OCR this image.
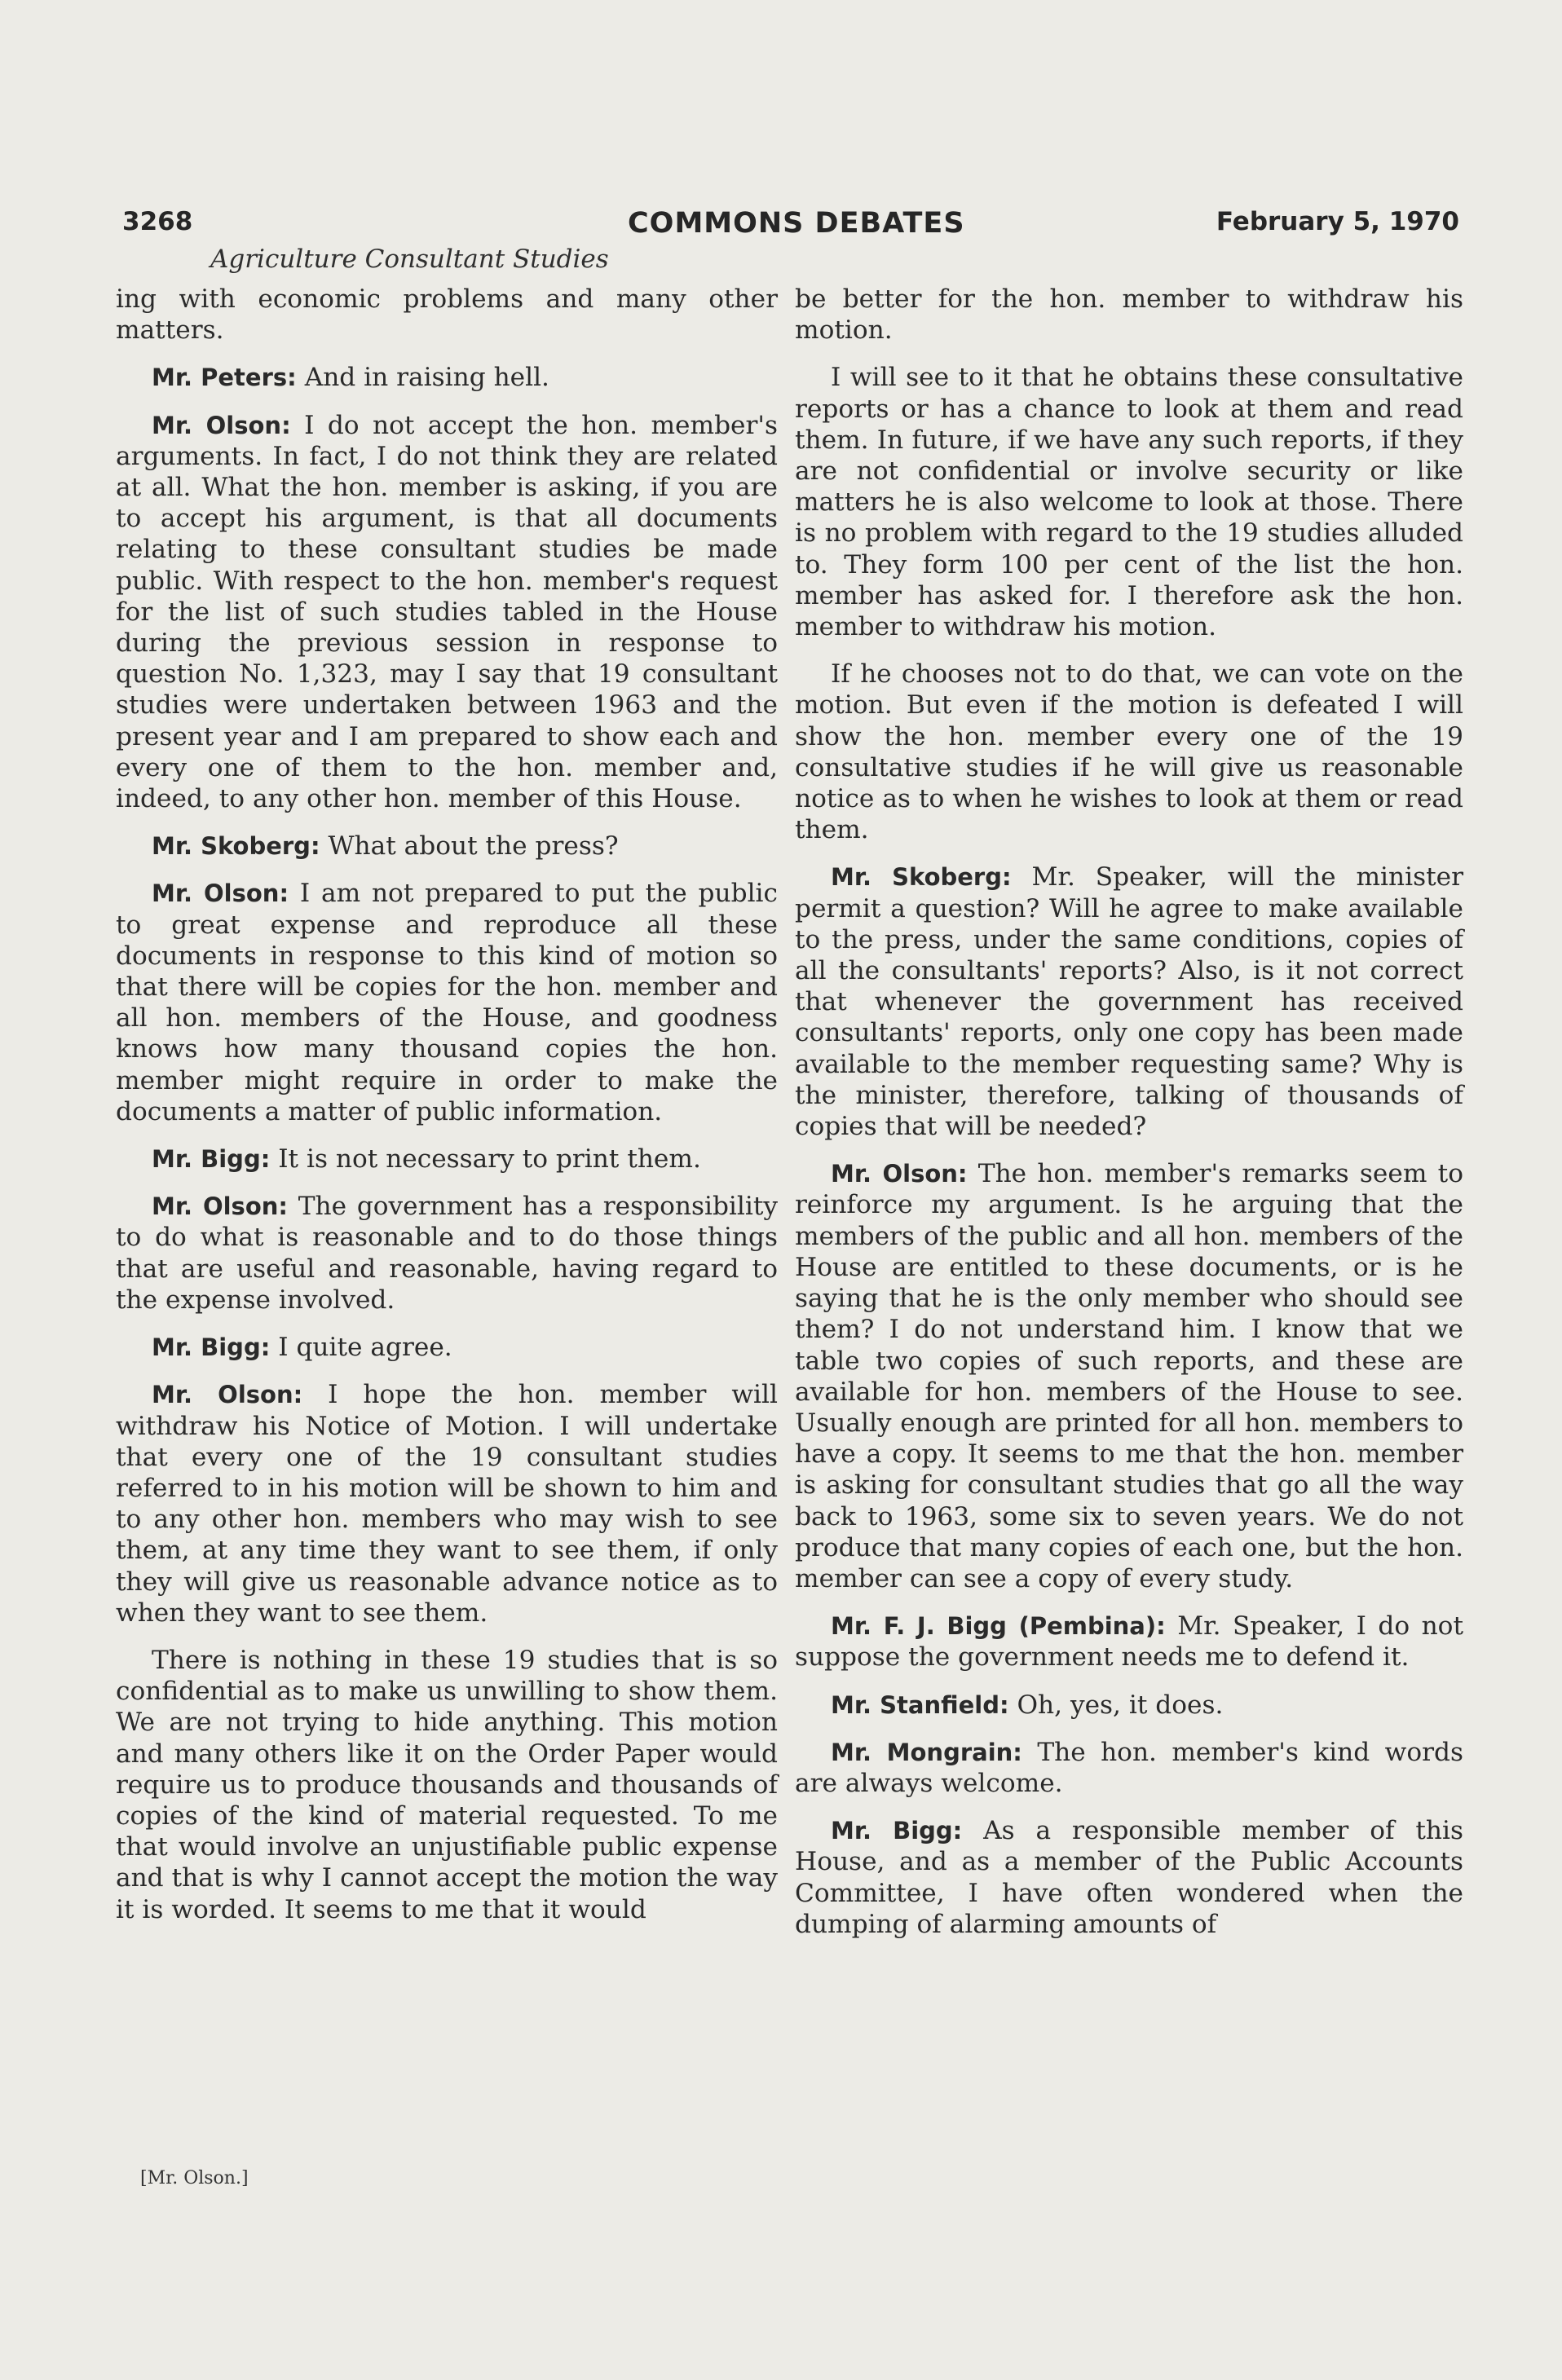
3268	COMMONS DEBATES	February 5, 1970
Agriculture Consultant Studies

ing with economic problems and many other matters.

Mr. Peters: And in raising hell.

Mr. Olson: I do not accept the hon. member's arguments. In fact, I do not think they are related at all. What the hon. member is asking, if you are to accept his argument, is that all documents relating to these consultant studies be made public. With respect to the hon. member's request for the list of such studies tabled in the House during the previous session in response to question No. 1,323, may I say that 19 consultant studies were undertaken between 1963 and the present year and I am prepared to show each and every one of them to the hon. member and, indeed, to any other hon. member of this House.

Mr. Skoberg: What about the press?

Mr. Olson: I am not prepared to put the public to great expense and reproduce all these documents in response to this kind of motion so that there will be copies for the hon. member and all hon. members of the House, and goodness knows how many thousand copies the hon. member might require in order to make the documents a matter of public information.

Mr. Bigg: It is not necessary to print them.

Mr. Olson: The government has a responsibility to do what is reasonable and to do those things that are useful and reasonable, having regard to the expense involved.

Mr. Bigg: I quite agree.

Mr. Olson: I hope the hon. member will withdraw his Notice of Motion. I will undertake that every one of the 19 consultant studies referred to in his motion will be shown to him and to any other hon. members who may wish to see them, at any time they want to see them, if only they will give us reasonable advance notice as to when they want to see them.

There is nothing in these 19 studies that is so confidential as to make us unwilling to show them. We are not trying to hide anything. This motion and many others like it on the Order Paper would require us to produce thousands and thousands of copies of the kind of material requested. To me that would involve an unjustifiable public expense and that is why I cannot accept the motion the way it is worded. It seems to me that it would

be better for the hon. member to withdraw his motion.

I will see to it that he obtains these consultative reports or has a chance to look at them and read them. In future, if we have any such reports, if they are not confidential or involve security or like matters he is also welcome to look at those. There is no problem with regard to the 19 studies alluded to. They form 100 per cent of the list the hon. member has asked for. I therefore ask the hon. member to withdraw his motion.

If he chooses not to do that, we can vote on the motion. But even if the motion is defeated I will show the hon. member every one of the 19 consultative studies if he will give us reasonable notice as to when he wishes to look at them or read them.

Mr. Skoberg: Mr. Speaker, will the minister permit a question? Will he agree to make available to the press, under the same conditions, copies of all the consultants' reports? Also, is it not correct that whenever the government has received consultants' reports, only one copy has been made available to the member requesting same? Why is the minister, therefore, talking of thousands of copies that will be needed?

Mr. Olson: The hon. member's remarks seem to reinforce my argument. Is he arguing that the members of the public and all hon. members of the House are entitled to these documents, or is he saying that he is the only member who should see them? I do not understand him. I know that we table two copies of such reports, and these are available for hon. members of the House to see. Usually enough are printed for all hon. members to have a copy. It seems to me that the hon. member is asking for consultant studies that go all the way back to 1963, some six to seven years. We do not produce that many copies of each one, but the hon. member can see a copy of every study.

Mr. F. J. Bigg (Pembina): Mr. Speaker, I do not suppose the government needs me to defend it.

Mr. Stanfield: Oh, yes, it does.

Mr. Mongrain: The hon. member's kind words are always welcome.

Mr. Bigg: As a responsible member of this House, and as a member of the Public Accounts Committee, I have often wondered when the dumping of alarming amounts of

[Mr. Olson.]
